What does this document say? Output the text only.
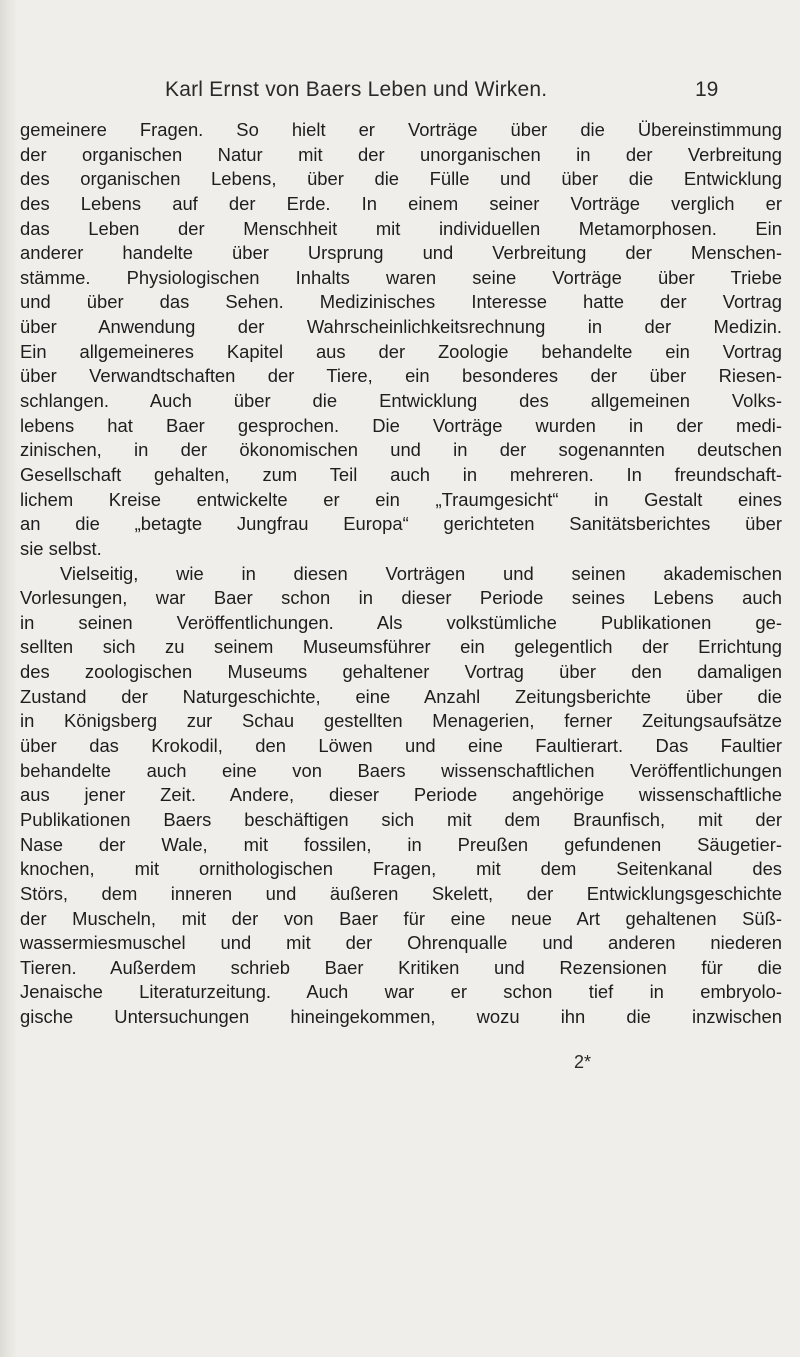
Karl Ernst von Baers Leben und Wirken.	19
gemeinere Fragen. So hielt er Vorträge über die Übereinstimmung
der organischen Natur mit der unorganischen in der Verbreitung
des organischen Lebens, über die Fülle und über die Entwicklung
des Lebens auf der Erde. In einem seiner Vorträge verglich er
das Leben der Menschheit mit individuellen Metamorphosen. Ein
anderer handelte über Ursprung und Verbreitung der Menschen-
stämme. Physiologischen Inhalts waren seine Vorträge über Triebe
und über das Sehen. Medizinisches Interesse hatte der Vortrag
über Anwendung der Wahrscheinlichkeitsrechnung in der Medizin.
Ein allgemeineres Kapitel aus der Zoologie behandelte ein Vortrag
über Verwandtschaften der Tiere, ein besonderes der über Riesen-
schlangen. Auch über die Entwicklung des allgemeinen Volks-
lebens hat Baer gesprochen. Die Vorträge wurden in der medi-
zinischen, in der ökonomischen und in der sogenannten deutschen
Gesellschaft gehalten, zum Teil auch in mehreren. In freundschaft-
lichem Kreise entwickelte er ein „Traumgesicht“ in Gestalt eines
an die „betagte Jungfrau Europa“ gerichteten Sanitätsberichtes über
sie selbst.
Vielseitig, wie in diesen Vorträgen und seinen akademischen
Vorlesungen, war Baer schon in dieser Periode seines Lebens auch
in seinen Veröffentlichungen. Als volkstümliche Publikationen ge-
sellten sich zu seinem Museumsführer ein gelegentlich der Errichtung
des zoologischen Museums gehaltener Vortrag über den damaligen
Zustand der Naturgeschichte, eine Anzahl Zeitungsberichte über die
in Königsberg zur Schau gestellten Menagerien, ferner Zeitungsaufsätze
über das Krokodil, den Löwen und eine Faultierart. Das Faultier
behandelte auch eine von Baers wissenschaftlichen Veröffentlichungen
aus jener Zeit. Andere, dieser Periode angehörige wissenschaftliche
Publikationen Baers beschäftigen sich mit dem Braunfisch, mit der
Nase der Wale, mit fossilen, in Preußen gefundenen Säugetier-
knochen, mit ornithologischen Fragen, mit dem Seitenkanal des
Störs, dem inneren und äußeren Skelett, der Entwicklungsgeschichte
der Muscheln, mit der von Baer für eine neue Art gehaltenen Süß-
wassermiesmuschel und mit der Ohrenqualle und anderen niederen
Tieren. Außerdem schrieb Baer Kritiken und Rezensionen für die
Jenaische Literaturzeitung. Auch war er schon tief in embryolo-
gische Untersuchungen hineingekommen, wozu ihn die inzwischen
2*
